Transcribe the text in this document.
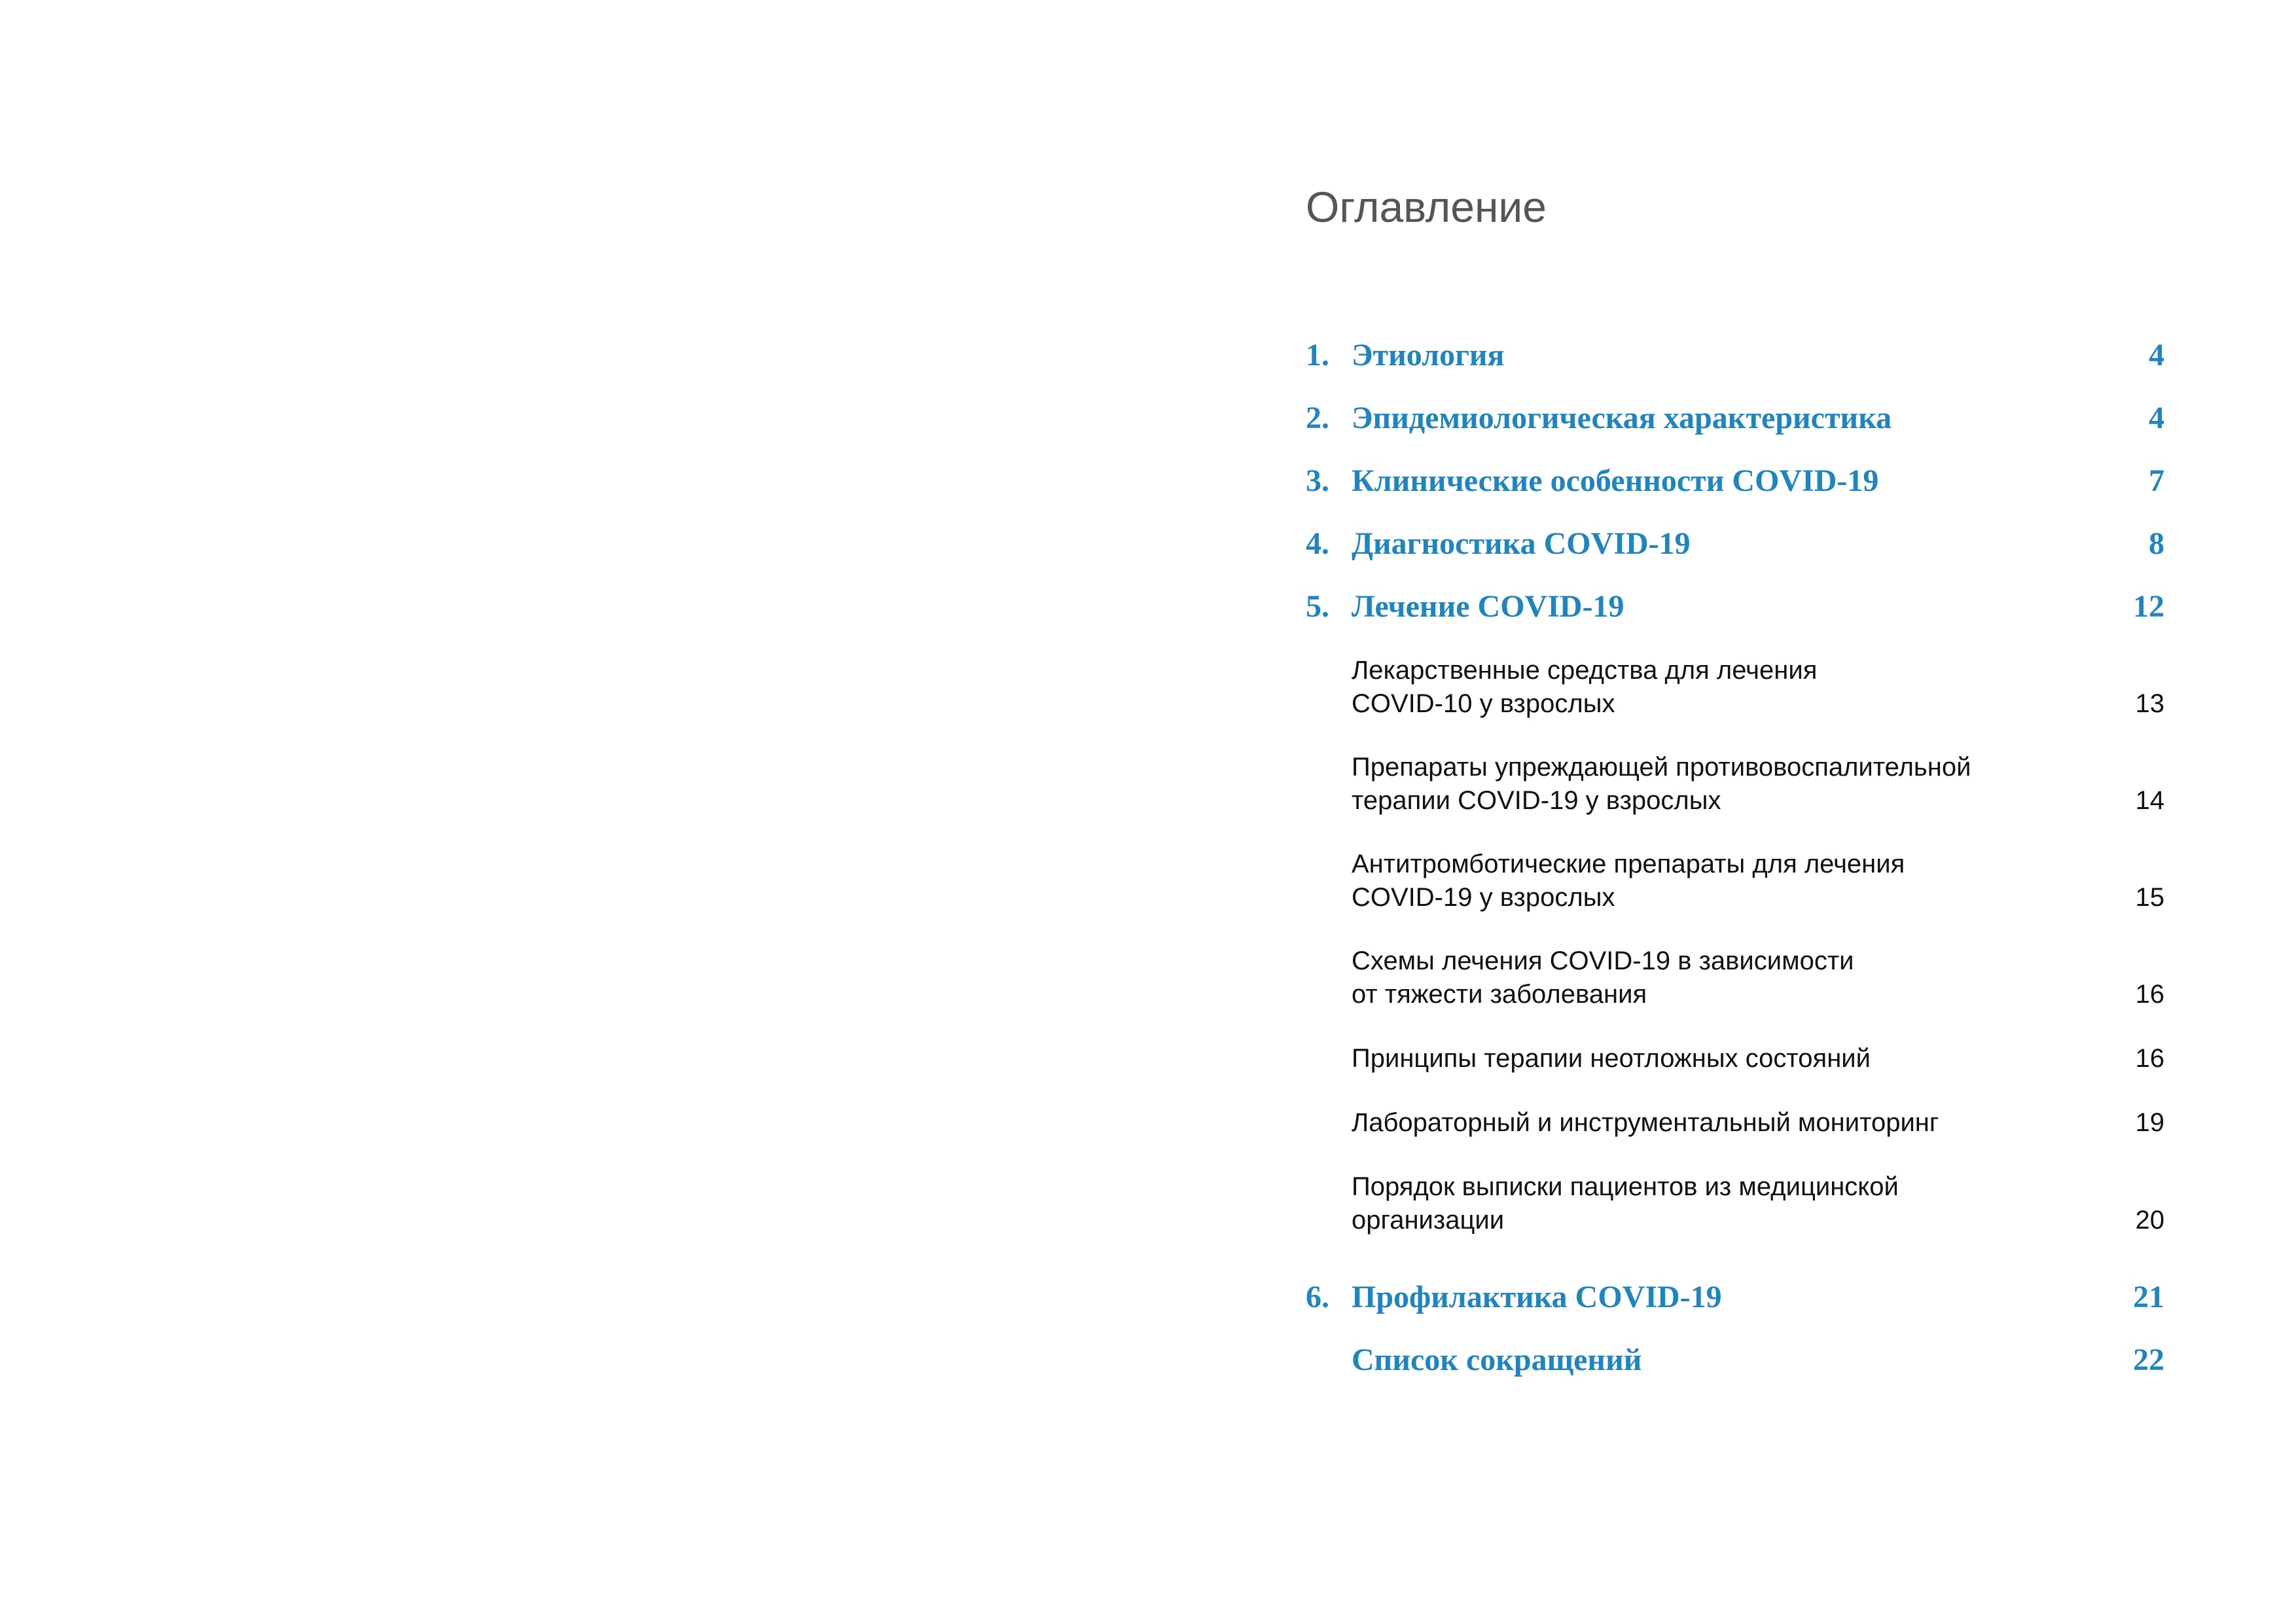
Оглавление
1. Этиология	4
2. Эпидемиологическая характеристика	4
3. Клинические особенности COVID-19	7
4. Диагностика COVID-19	8
5. Лечение COVID-19	12
Лекарственные средства для лечения
COVID-10 у взрослых	13
Препараты упреждающей противовоспалительной
терапии COVID-19 у взрослых	14
Антитромботические препараты для лечения
COVID-19 у взрослых	15
Схемы лечения COVID-19 в зависимости
от тяжести заболевания	16
Принципы терапии неотложных состояний	16
Лабораторный и инструментальный мониторинг	19
Порядок выписки пациентов из медицинской
организации	20
6. Профилактика COVID-19	21
Список сокращений	22
